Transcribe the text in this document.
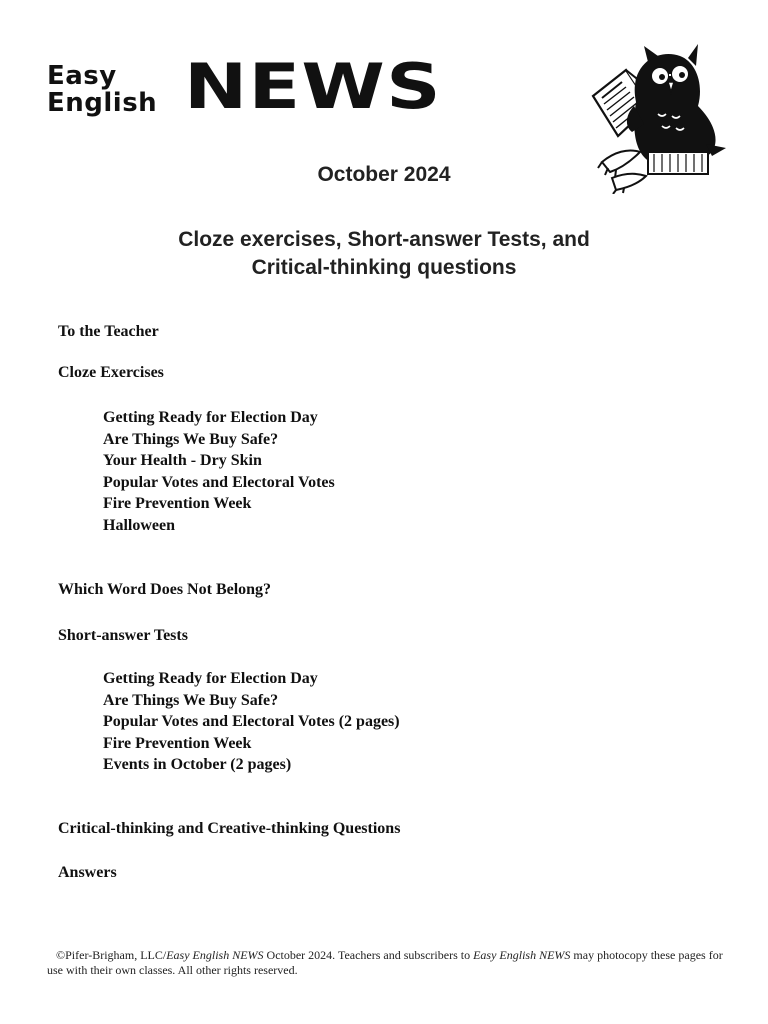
Easy
English NEWS
October 2024
Cloze exercises, Short-answer Tests, and
Critical-thinking questions
To the Teacher
Cloze Exercises
Getting Ready for Election Day
Are Things We Buy Safe?
Your Health - Dry Skin
Popular Votes and Electoral Votes
Fire Prevention Week
Halloween
Which Word Does Not Belong?
Short-answer Tests
Getting Ready for Election Day
Are Things We Buy Safe?
Popular Votes and Electoral Votes (2 pages)
Fire Prevention Week
Events in October (2 pages)
Critical-thinking and Creative-thinking Questions
Answers
©Pifer-Brigham, LLC/Easy English NEWS October 2024. Teachers and subscribers to Easy English NEWS may photocopy these pages for use with their own classes. All other rights reserved.
